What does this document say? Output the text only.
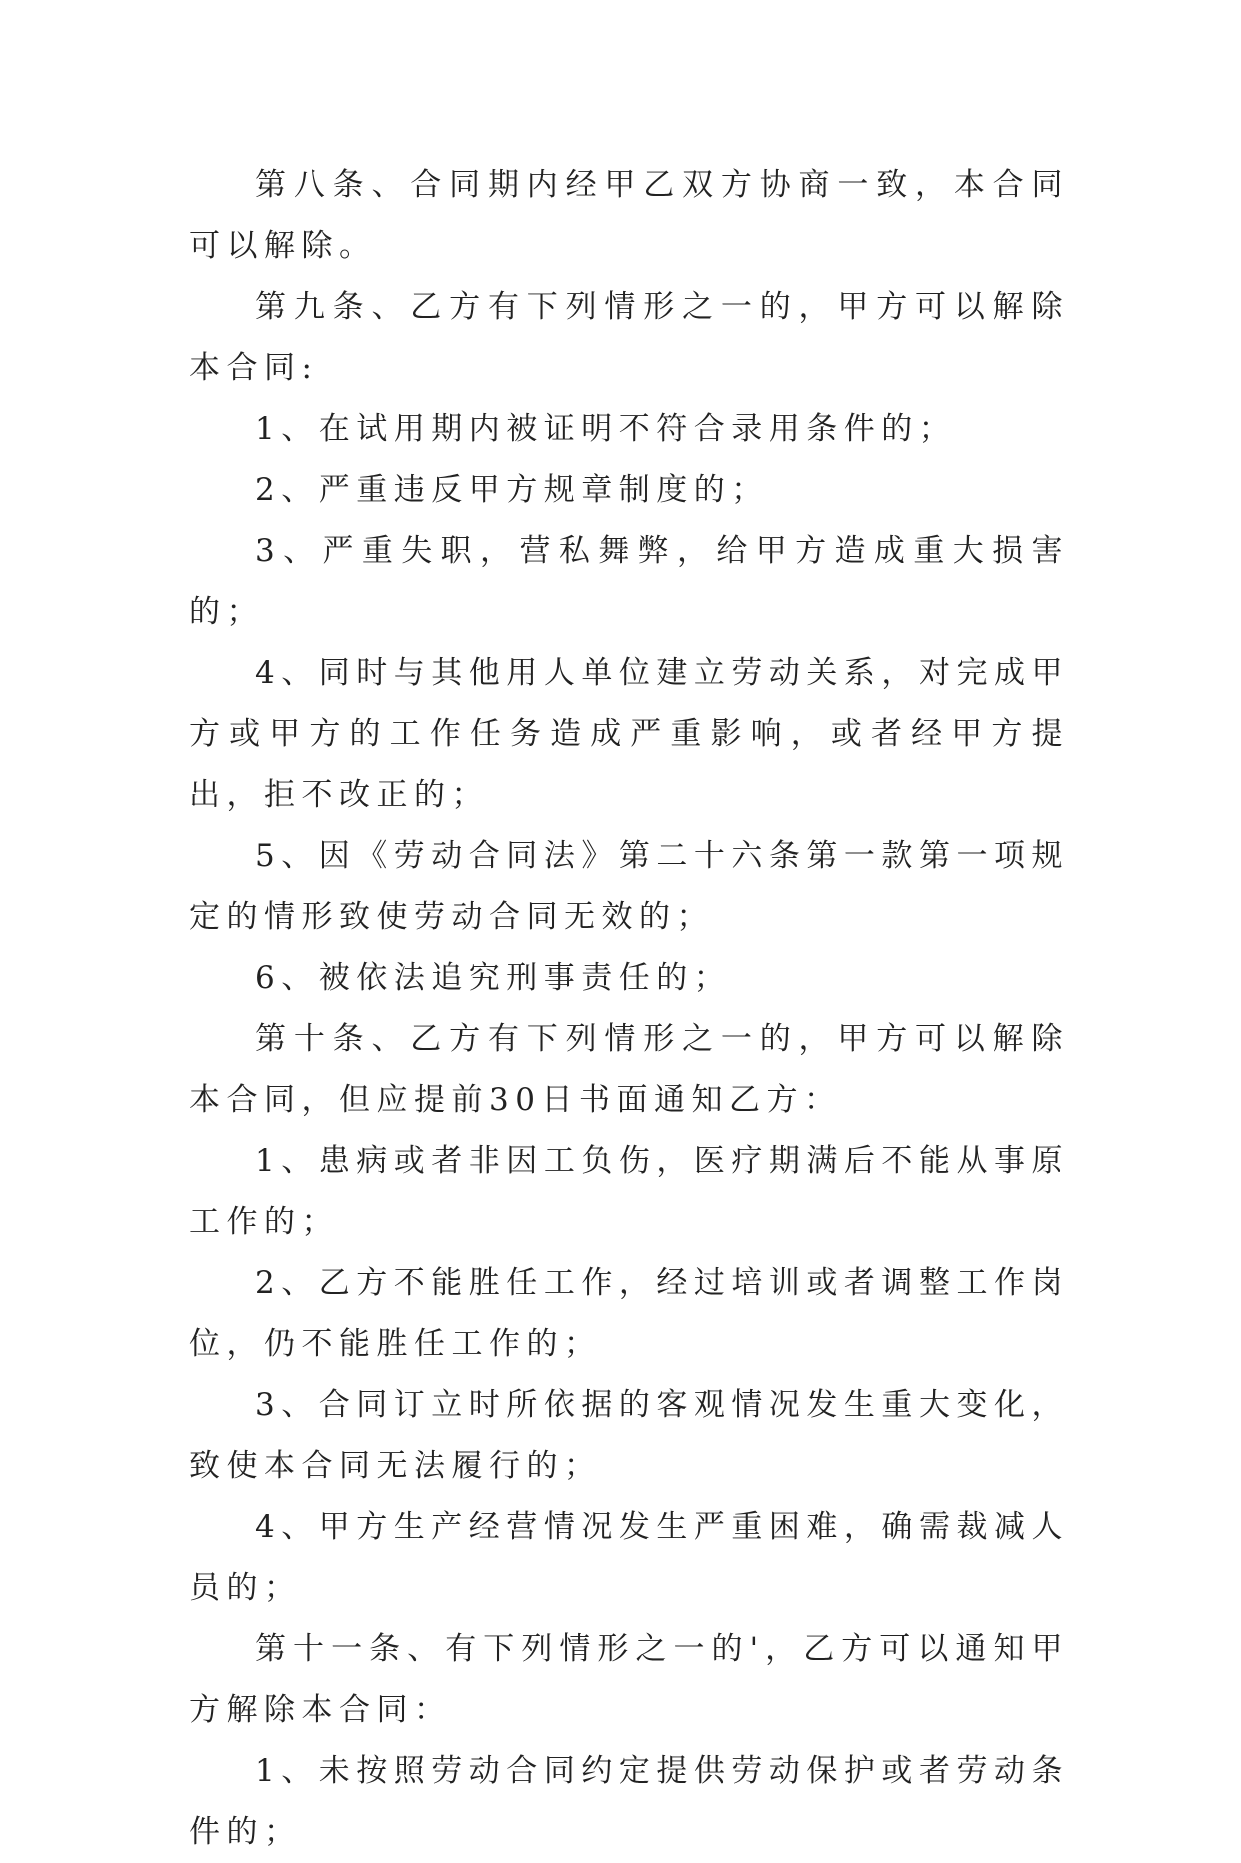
第八条、合同期内经甲乙双方协商一致，本合同可以解除。

第九条、乙方有下列情形之一的，甲方可以解除本合同:

1、在试用期内被证明不符合录用条件的；

2、严重违反甲方规章制度的；

3、严重失职，营私舞弊，给甲方造成重大损害的；

4、同时与其他用人单位建立劳动关系，对完成甲方或甲方的工作任务造成严重影响，或者经甲方提出，拒不改正的；

5、因《劳动合同法》第二十六条第一款第一项规定的情形致使劳动合同无效的；

6、被依法追究刑事责任的；

第十条、乙方有下列情形之一的，甲方可以解除本合同，但应提前30日书面通知乙方：

1、患病或者非因工负伤，医疗期满后不能从事原工作的；

2、乙方不能胜任工作，经过培训或者调整工作岗位，仍不能胜任工作的；

3、合同订立时所依据的客观情况发生重大变化，致使本合同无法履行的；

4、甲方生产经营情况发生严重困难，确需裁减人员的；

第十一条、有下列情形之一的'，乙方可以通知甲方解除本合同：

1、未按照劳动合同约定提供劳动保护或者劳动条件的；
